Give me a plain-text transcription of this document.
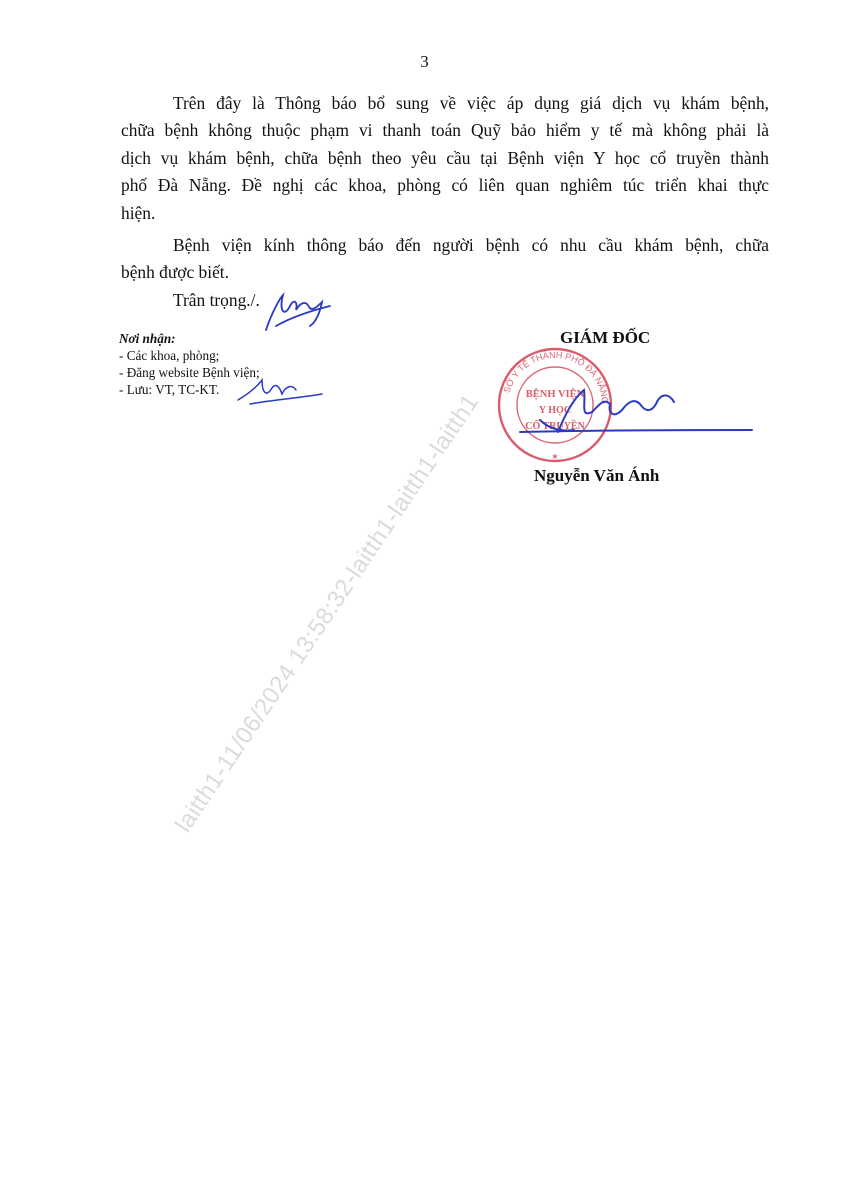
3

Trên đây là Thông báo bổ sung về việc áp dụng giá dịch vụ khám bệnh,
chữa bệnh không thuộc phạm vi thanh toán Quỹ bảo hiểm y tế mà không phải là
dịch vụ khám bệnh, chữa bệnh theo yêu cầu tại Bệnh viện Y học cổ truyền thành
phố Đà Nẵng. Đề nghị các khoa, phòng có liên quan nghiêm túc triển khai thực
hiện.

Bệnh viện kính thông báo đến người bệnh có nhu cầu khám bệnh, chữa
bệnh được biết.

Trân trọng./.
Nơi nhận:
- Các khoa, phòng;
- Đăng website Bệnh viện;
- Lưu: VT, TC-KT.
GIÁM ĐỐC
SỞ Y TẾ THÀNH PHỐ ĐÀ NẴNG
BỆNH VIỆN
Y HỌC
CỔ TRUYỀN
★
Nguyễn Văn Ánh
laitth1-11/06/2024 13:58:32-laitth1-laitth1-laitth1
